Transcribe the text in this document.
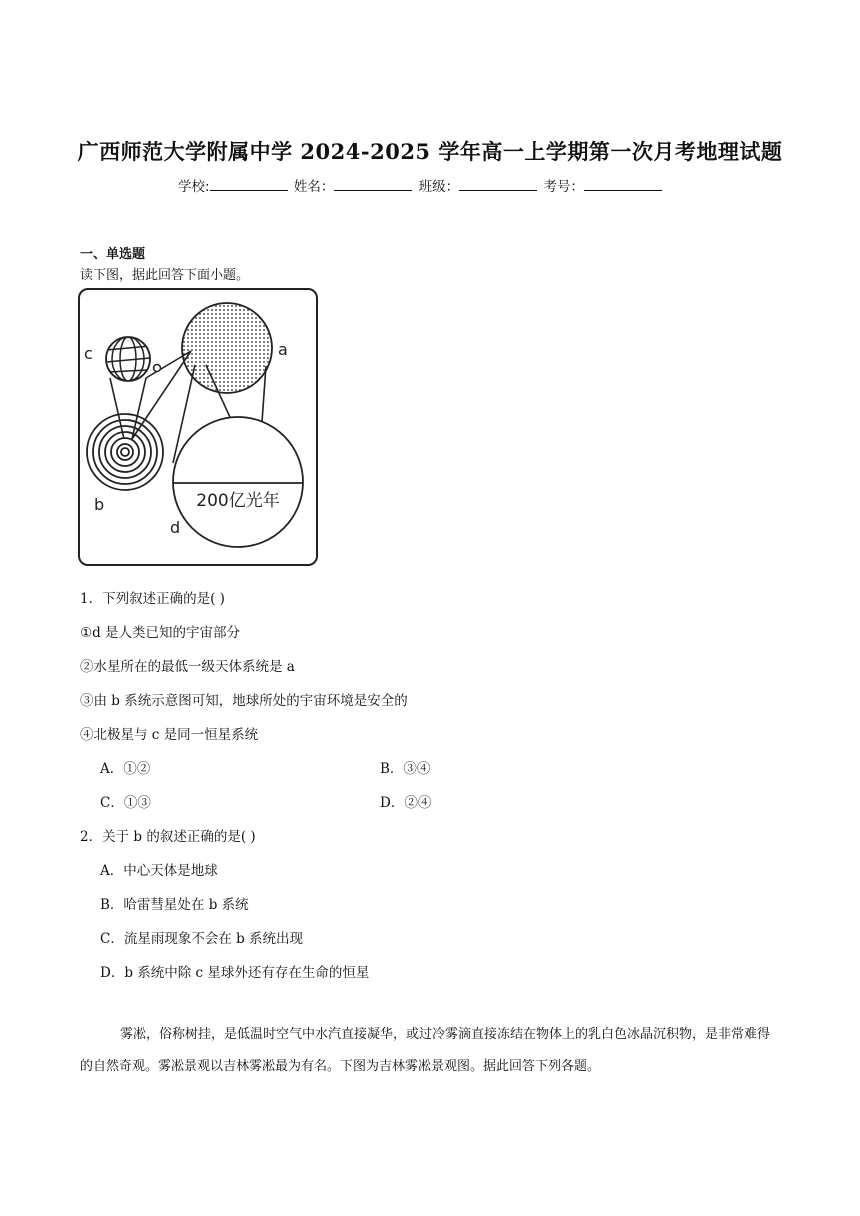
广西师范大学附属中学 2024-2025 学年高一上学期第一次月考地理试题
学校:	姓名：	班级：	考号：
一、单选题
读下图，据此回答下面小题。
200亿光年
c	a
b
d
1．下列叙述正确的是( )
①d 是人类已知的宇宙部分
②水星所在的最低一级天体系统是 a
③由 b 系统示意图可知，地球所处的宇宙环境是安全的
④北极星与 c 是同一恒星系统
A．①②	B．③④
C．①③	D．②④
2．关于 b 的叙述正确的是( )
A．中心天体是地球
B．哈雷彗星处在 b 系统
C．流星雨现象不会在 b 系统出现
D．b 系统中除 c 星球外还有存在生命的恒星
雾凇，俗称树挂，是低温时空气中水汽直接凝华，或过冷雾滴直接冻结在物体上的乳白色冰晶沉积物，是非常难得的自然奇观。雾凇景观以吉林雾凇最为有名。下图为吉林雾凇景观图。据此回答下列各题。
